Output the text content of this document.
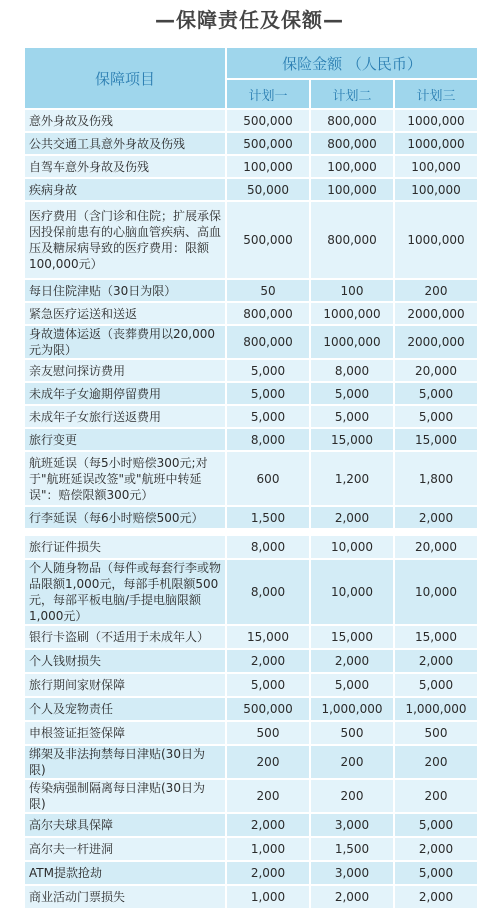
—保障责任及保额—
保障项目	保险金额 （人民币）		
	计划一	计划二	计划三
意外身故及伤残	500,000	800,000	1000,000
公共交通工具意外身故及伤残	500,000	800,000	1000,000
自驾车意外身故及伤残	100,000	100,000	100,000
疾病身故	50,000	100,000	100,000
医疗费用（含门诊和住院；扩展承保因投保前患有的心脑血管疾病、高血压及糖尿病导致的医疗费用：限额100,000元）	500,000	800,000	1000,000
每日住院津贴（30日为限）	50	100	200
紧急医疗运送和送返	800,000	1000,000	2000,000
身故遗体运返（丧葬费用以20,000元为限）	800,000	1000,000	2000,000
亲友慰问探访费用	5,000	8,000	20,000
未成年子女逾期停留费用	5,000	5,000	5,000
未成年子女旅行送返费用	5,000	5,000	5,000
旅行变更	8,000	15,000	15,000
航班延误（每5小时赔偿300元;对于"航班延误改签"或"航班中转延误"：赔偿限额300元）	600	1,200	1,800
行李延误（每6小时赔偿500元）	1,500	2,000	2,000
旅行证件损失	8,000	10,000	20,000
个人随身物品（每件或每套行李或物品限额1,000元，每部手机限额500元，每部平板电脑/手提电脑限额1,000元）	8,000	10,000	10,000
银行卡盗刷（不适用于未成年人）	15,000	15,000	15,000
个人钱财损失	2,000	2,000	2,000
旅行期间家财保障	5,000	5,000	5,000
个人及宠物责任	500,000	1,000,000	1,000,000
申根签证拒签保障	500	500	500
绑架及非法拘禁每日津贴(30日为限)	200	200	200
传染病强制隔离每日津贴(30日为限)	200	200	200
高尔夫球具保障	2,000	3,000	5,000
高尔夫一杆进洞	1,000	1,500	2,000
ATM提款抢劫	2,000	3,000	5,000
商业活动门票损失	1,000	2,000	2,000
